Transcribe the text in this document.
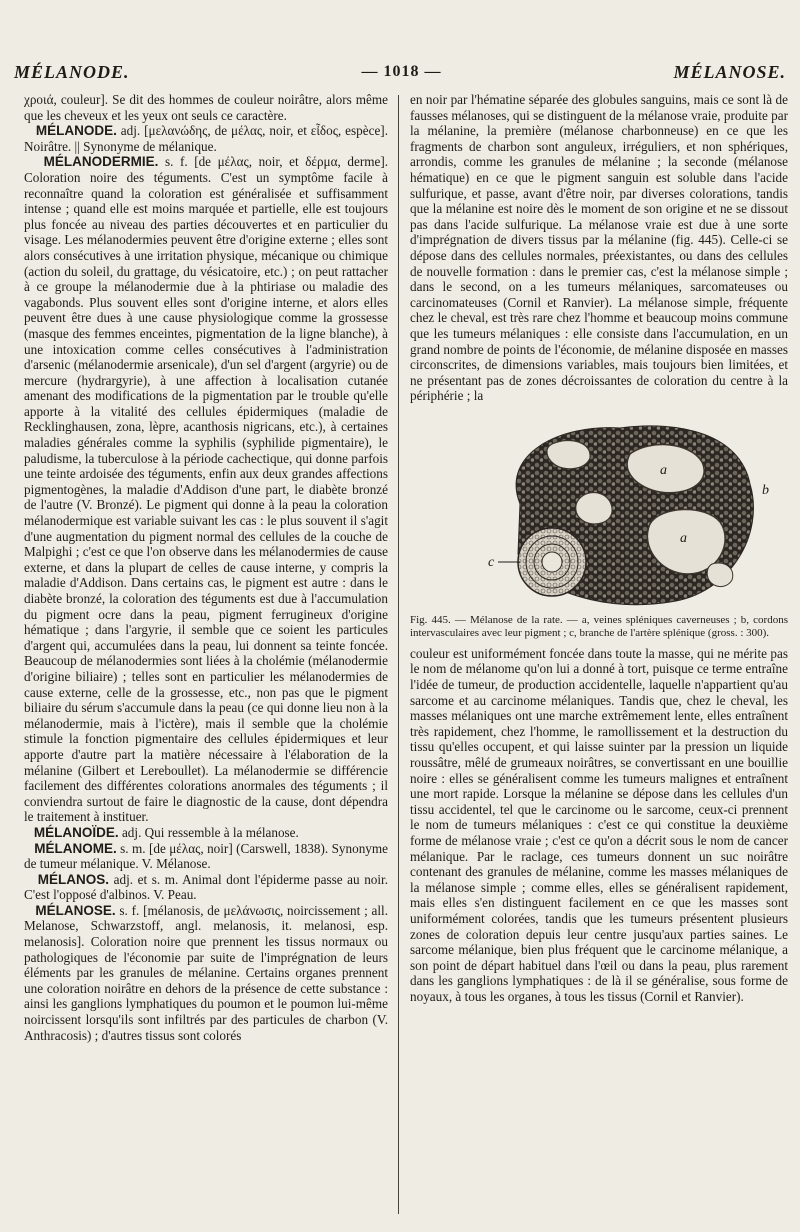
MÉLANODE.	— 1018 —	MÉLANOSE.

χροιά, couleur]. Se dit des hommes de couleur noirâtre, alors même que les cheveux et les yeux ont seuls ce caractère.

MÉLANODE. adj. [μελανώδης, de μέλας, noir, et εἶδος, espèce]. Noirâtre. || Synonyme de mélanique.

MÉLANODERMIE. s. f. [de μέλας, noir, et δέρμα, derme]. Coloration noire des téguments. C'est un symptôme facile à reconnaître quand la coloration est généralisée et suffisamment intense ; quand elle est moins marquée et partielle, elle est toujours plus foncée au niveau des parties découvertes et en particulier du visage. Les mélanodermies peuvent être d'origine externe ; elles sont alors consécutives à une irritation physique, mécanique ou chimique (action du soleil, du grattage, du vésicatoire, etc.) ; on peut rattacher à ce groupe la mélanodermie due à la phtiriase ou maladie des vagabonds. Plus souvent elles sont d'origine interne, et alors elles peuvent être dues à une cause physiologique comme la grossesse (masque des femmes enceintes, pigmentation de la ligne blanche), à une intoxication comme celles consécutives à l'administration d'arsenic (mélanodermie arsenicale), d'un sel d'argent (argyrie) ou de mercure (hydrargyrie), à une affection à localisation cutanée amenant des modifications de la pigmentation par le trouble qu'elle apporte à la vitalité des cellules épidermiques (maladie de Recklinghausen, zona, lèpre, acanthosis nigricans, etc.), à certaines maladies générales comme la syphilis (syphilide pigmentaire), le paludisme, la tuberculose à la période cachectique, qui donne parfois une teinte ardoisée des téguments, enfin aux deux grandes affections pigmentogènes, la maladie d'Addison d'une part, le diabète bronzé de l'autre (V. Bronzé). Le pigment qui donne à la peau la coloration mélanodermique est variable suivant les cas : le plus souvent il s'agit d'une augmentation du pigment normal des cellules de la couche de Malpighi ; c'est ce que l'on observe dans les mélanodermies de cause externe, et dans la plupart de celles de cause interne, y compris la maladie d'Addison. Dans certains cas, le pigment est autre : dans le diabète bronzé, la coloration des téguments est due à l'accumulation du pigment ocre dans la peau, pigment ferrugineux d'origine hématique ; dans l'argyrie, il semble que ce soient les particules d'argent qui, accumulées dans la peau, lui donnent sa teinte foncée. Beaucoup de mélanodermies sont liées à la cholémie (mélanodermie d'origine biliaire) ; telles sont en particulier les mélanodermies de cause externe, celle de la grossesse, etc., non pas que le pigment biliaire du sérum s'accumule dans la peau (ce qui donne lieu non à la mélanodermie, mais à l'ictère), mais il semble que la cholémie stimule la fonction pigmentaire des cellules épidermiques et leur apporte d'autre part la matière nécessaire à l'élaboration de la mélanine (Gilbert et Lereboullet). La mélanodermie se différencie facilement des différentes colorations anormales des téguments ; il conviendra surtout de faire le diagnostic de la cause, dont dépendra le traitement à instituer.

MÉLANOÏDE. adj. Qui ressemble à la mélanose.

MÉLANOME. s. m. [de μέλας, noir] (Carswell, 1838). Synonyme de tumeur mélanique. V. Mélanose.

MÉLANOS. adj. et s. m. Animal dont l'épiderme passe au noir. C'est l'opposé d'albinos. V. Peau.

MÉLANOSE. s. f. [mélanosis, de μελάνωσις, noircissement ; all. Melanose, Schwarzstoff, angl. melanosis, it. melanosi, esp. melanosis]. Coloration noire que prennent les tissus normaux ou pathologiques de l'économie par suite de l'imprégnation de leurs éléments par les granules de mélanine. Certains organes prennent une coloration noirâtre en dehors de la présence de cette substance : ainsi les ganglions lymphatiques du poumon et le poumon lui-même noircissent lorsqu'ils sont infiltrés par des particules de charbon (V. Anthracosis) ; d'autres tissus sont colorés

en noir par l'hématine séparée des globules sanguins, mais ce sont là de fausses mélanoses, qui se distinguent de la mélanose vraie, produite par la mélanine, la première (mélanose charbonneuse) en ce que les fragments de charbon sont anguleux, irréguliers, et non sphériques, arrondis, comme les granules de mélanine ; la seconde (mélanose hématique) en ce que le pigment sanguin est soluble dans l'acide sulfurique, et passe, avant d'être noir, par diverses colorations, tandis que la mélanine est noire dès le moment de son origine et ne se dissout pas dans l'acide sulfurique. La mélanose vraie est due à une sorte d'imprégnation de divers tissus par la mélanine (fig. 445). Celle-ci se dépose dans des cellules normales, préexistantes, ou dans des cellules de nouvelle formation : dans le premier cas, c'est la mélanose simple ; dans le second, on a les tumeurs mélaniques, sarcomateuses ou carcinomateuses (Cornil et Ranvier). La mélanose simple, fréquente chez le cheval, est très rare chez l'homme et beaucoup moins commune que les tumeurs mélaniques : elle consiste dans l'accumulation, en un grand nombre de points de l'économie, de mélanine disposée en masses circonscrites, de dimensions variables, mais toujours bien limitées, et ne présentant pas de zones décroissantes de coloration du centre à la périphérie ; la

a
a
b
c

Fig. 445. — Mélanose de la rate. — a, veines spléniques caverneuses ; b, cordons intervasculaires avec leur pigment ; c, branche de l'artère splénique (gross. : 300).

couleur est uniformément foncée dans toute la masse, qui ne mérite pas le nom de mélanome qu'on lui a donné à tort, puisque ce terme entraîne l'idée de tumeur, de production accidentelle, laquelle n'appartient qu'au sarcome et au carcinome mélaniques. Tandis que, chez le cheval, les masses mélaniques ont une marche extrêmement lente, elles entraînent très rapidement, chez l'homme, le ramollissement et la destruction du tissu qu'elles occupent, et qui laisse suinter par la pression un liquide roussâtre, mêlé de grumeaux noirâtres, se convertissant en une bouillie noire : elles se généralisent comme les tumeurs malignes et entraînent une mort rapide. Lorsque la mélanine se dépose dans les cellules d'un tissu accidentel, tel que le carcinome ou le sarcome, ceux-ci prennent le nom de tumeurs mélaniques : c'est ce qui constitue la deuxième forme de mélanose vraie ; c'est ce qu'on a décrit sous le nom de cancer mélanique. Par le raclage, ces tumeurs donnent un suc noirâtre contenant des granules de mélanine, comme les masses mélaniques de la mélanose simple ; comme elles, elles se généralisent rapidement, mais elles s'en distinguent facilement en ce que les masses sont uniformément colorées, tandis que les tumeurs présentent plusieurs zones de coloration depuis leur centre jusqu'aux parties saines. Le sarcome mélanique, bien plus fréquent que le carcinome mélanique, a son point de départ habituel dans l'œil ou dans la peau, plus rarement dans les ganglions lymphatiques : de là il se généralise, sous forme de noyaux, à tous les organes, à tous les tissus (Cornil et Ranvier).
